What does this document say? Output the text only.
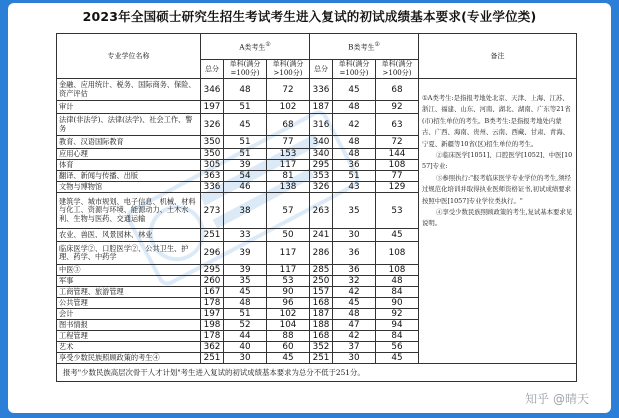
2023年全国硕士研究生招生考试考生进入复试的初试成绩基本要求(专业学位类)
专业学位名称	A类考生①			B类考生①			备注
	总分	单科(满分=100分)	单科(满分>100分)	总分	单科(满分=100分)	单科(满分>100分)	
金融、应用统计、税务、国际商务、保险、资产评估	346	48	72	336	45	68	①A类考生:是指报考地处北京、天津、上海、江苏、浙江、福建、山东、河南、湖北、湖南、广东等21省(市)招生单位的考生。B类考生:是指报考地处内蒙古、广西、海南、贵州、云南、西藏、甘肃、青海、宁夏、新疆等10省(区)招生单位的考生。

②临床医学[1051]、口腔医学[1052]、中医[1057]专业:

③参照执行:"报考临床医学专业学位的考生,须经过规范化培训并取得执业医师资格证书,初试成绩要求按照中医[1057]专业学位类执行。"

④享受少数民族照顾政策的考生,复试基本要求见说明。

审计	197	51	102	187	48	92	
法律(非法学)、法律(法学)、社会工作、警务	326	45	68	316	42	63	
教育、汉语国际教育	350	51	77	340	48	72	
应用心理	350	51	153	340	48	144	
体育	305	39	117	295	36	108	
翻译、新闻与传播、出版	363	54	81	353	51	77	
文物与博物馆	336	46	138	326	43	129	
建筑学、城市规划、电子信息、机械、材料与化工、资源与环境、能源动力、土木水利、生物与医药、交通运输	273	38	57	263	35	53	
农业、兽医、风景园林、林业	251	33	50	241	30	45	
临床医学②、口腔医学②、公共卫生、护理、药学、中药学	296	39	117	286	36	108	
中医③	295	39	117	285	36	108	
军事	260	35	53	250	32	48	
工商管理、旅游管理	167	45	90	157	42	84	
公共管理	178	48	96	168	45	90	
会计	197	51	102	187	48	92	
图书情报	198	52	104	188	47	94	
工程管理	178	44	88	168	42	84	
艺术	362	40	60	352	37	56	
享受少数民族照顾政策的考生④	251	30	45	251	30	45	
报考"少数民族高层次骨干人才计划"考生进入复试的初试成绩基本要求为总分不低于251分。							
知乎 @晴天
